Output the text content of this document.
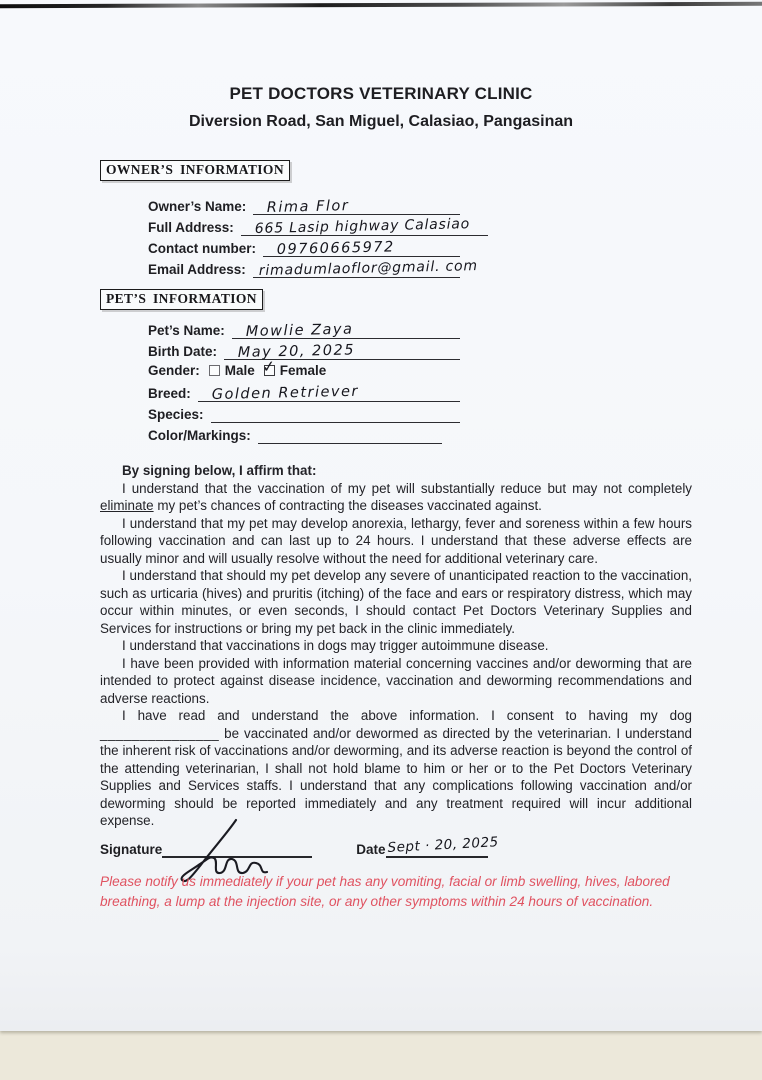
PET DOCTORS VETERINARY CLINIC
Diversion Road, San Miguel, Calasiao, Pangasinan
OWNER’S INFORMATION
Owner’s Name: Rima Flor
Full Address: 665 Lasip highway Calasiao
Contact number: 09760665972
Email Address: rimadumlaoflor@gmail. com
PET’S INFORMATION
Pet’s Name: Mowlie Zaya
Birth Date: May 20, 2025
Gender: Male ✓ Female
Breed: Golden Retriever
Species:
Color/Markings:

By signing below, I affirm that:

I understand that the vaccination of my pet will substantially reduce but may not completely eliminate my pet’s chances of contracting the diseases vaccinated against.

I understand that my pet may develop anorexia, lethargy, fever and soreness within a few hours following vaccination and can last up to 24 hours. I understand that these adverse effects are usually minor and will usually resolve without the need for additional veterinary care.

I understand that should my pet develop any severe of unanticipated reaction to the vaccination, such as urticaria (hives) and pruritis (itching) of the face and ears or respiratory distress, which may occur within minutes, or even seconds, I should contact Pet Doctors Veterinary Supplies and Services for instructions or bring my pet back in the clinic immediately.

I understand that vaccinations in dogs may trigger autoimmune disease.

I have been provided with information material concerning vaccines and/or deworming that are intended to protect against disease incidence, vaccination and deworming recommendations and adverse reactions.

I have read and understand the above information. I consent to having my dog _______________ be vaccinated and/or dewormed as directed by the veterinarian. I understand the inherent risk of vaccinations and/or deworming, and its adverse reaction is beyond the control of the attending veterinarian, I shall not hold blame to him or her or to the Pet Doctors Veterinary Supplies and Services staffs. I understand that any complications following vaccination and/or deworming should be reported immediately and any treatment required will incur additional expense.

Signature	Date Sept · 20, 2025
Please notify us immediately if your pet has any vomiting, facial or limb swelling, hives, labored breathing, a lump at the injection site, or any other symptoms within 24 hours of vaccination.
